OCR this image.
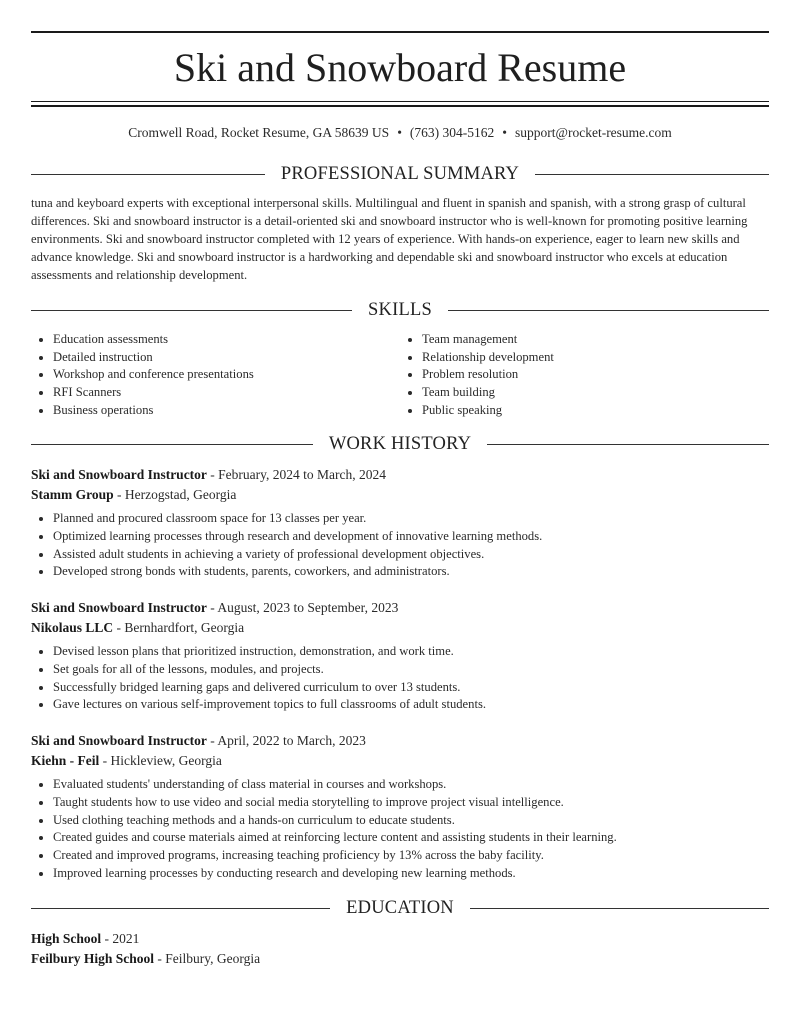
Ski and Snowboard Resume
Cromwell Road, Rocket Resume, GA 58639 US • (763) 304-5162 • support@rocket-resume.com
PROFESSIONAL SUMMARY

tuna and keyboard experts with exceptional interpersonal skills. Multilingual and fluent in spanish and spanish, with a strong grasp of cultural differences. Ski and snowboard instructor is a detail-oriented ski and snowboard instructor who is well-known for promoting positive learning environments. Ski and snowboard instructor completed with 12 years of experience. With hands-on experience, eager to learn new skills and advance knowledge. Ski and snowboard instructor is a hardworking and dependable ski and snowboard instructor who excels at education assessments and relationship development.

SKILLS
• Education assessments
• Detailed instruction
• Workshop and conference presentations
• RFI Scanners
• Business operations
• Team management
• Relationship development
• Problem resolution
• Team building
• Public speaking
WORK HISTORY
Ski and Snowboard Instructor - February, 2024 to March, 2024
Stamm Group - Herzogstad, Georgia
• Planned and procured classroom space for 13 classes per year.
• Optimized learning processes through research and development of innovative learning methods.
• Assisted adult students in achieving a variety of professional development objectives.
• Developed strong bonds with students, parents, coworkers, and administrators.
Ski and Snowboard Instructor - August, 2023 to September, 2023
Nikolaus LLC - Bernhardfort, Georgia
• Devised lesson plans that prioritized instruction, demonstration, and work time.
• Set goals for all of the lessons, modules, and projects.
• Successfully bridged learning gaps and delivered curriculum to over 13 students.
• Gave lectures on various self-improvement topics to full classrooms of adult students.
Ski and Snowboard Instructor - April, 2022 to March, 2023
Kiehn - Feil - Hickleview, Georgia
• Evaluated students' understanding of class material in courses and workshops.
• Taught students how to use video and social media storytelling to improve project visual intelligence.
• Used clothing teaching methods and a hands-on curriculum to educate students.
• Created guides and course materials aimed at reinforcing lecture content and assisting students in their learning.
• Created and improved programs, increasing teaching proficiency by 13% across the baby facility.
• Improved learning processes by conducting research and developing new learning methods.
EDUCATION
High School - 2021
Feilbury High School - Feilbury, Georgia
